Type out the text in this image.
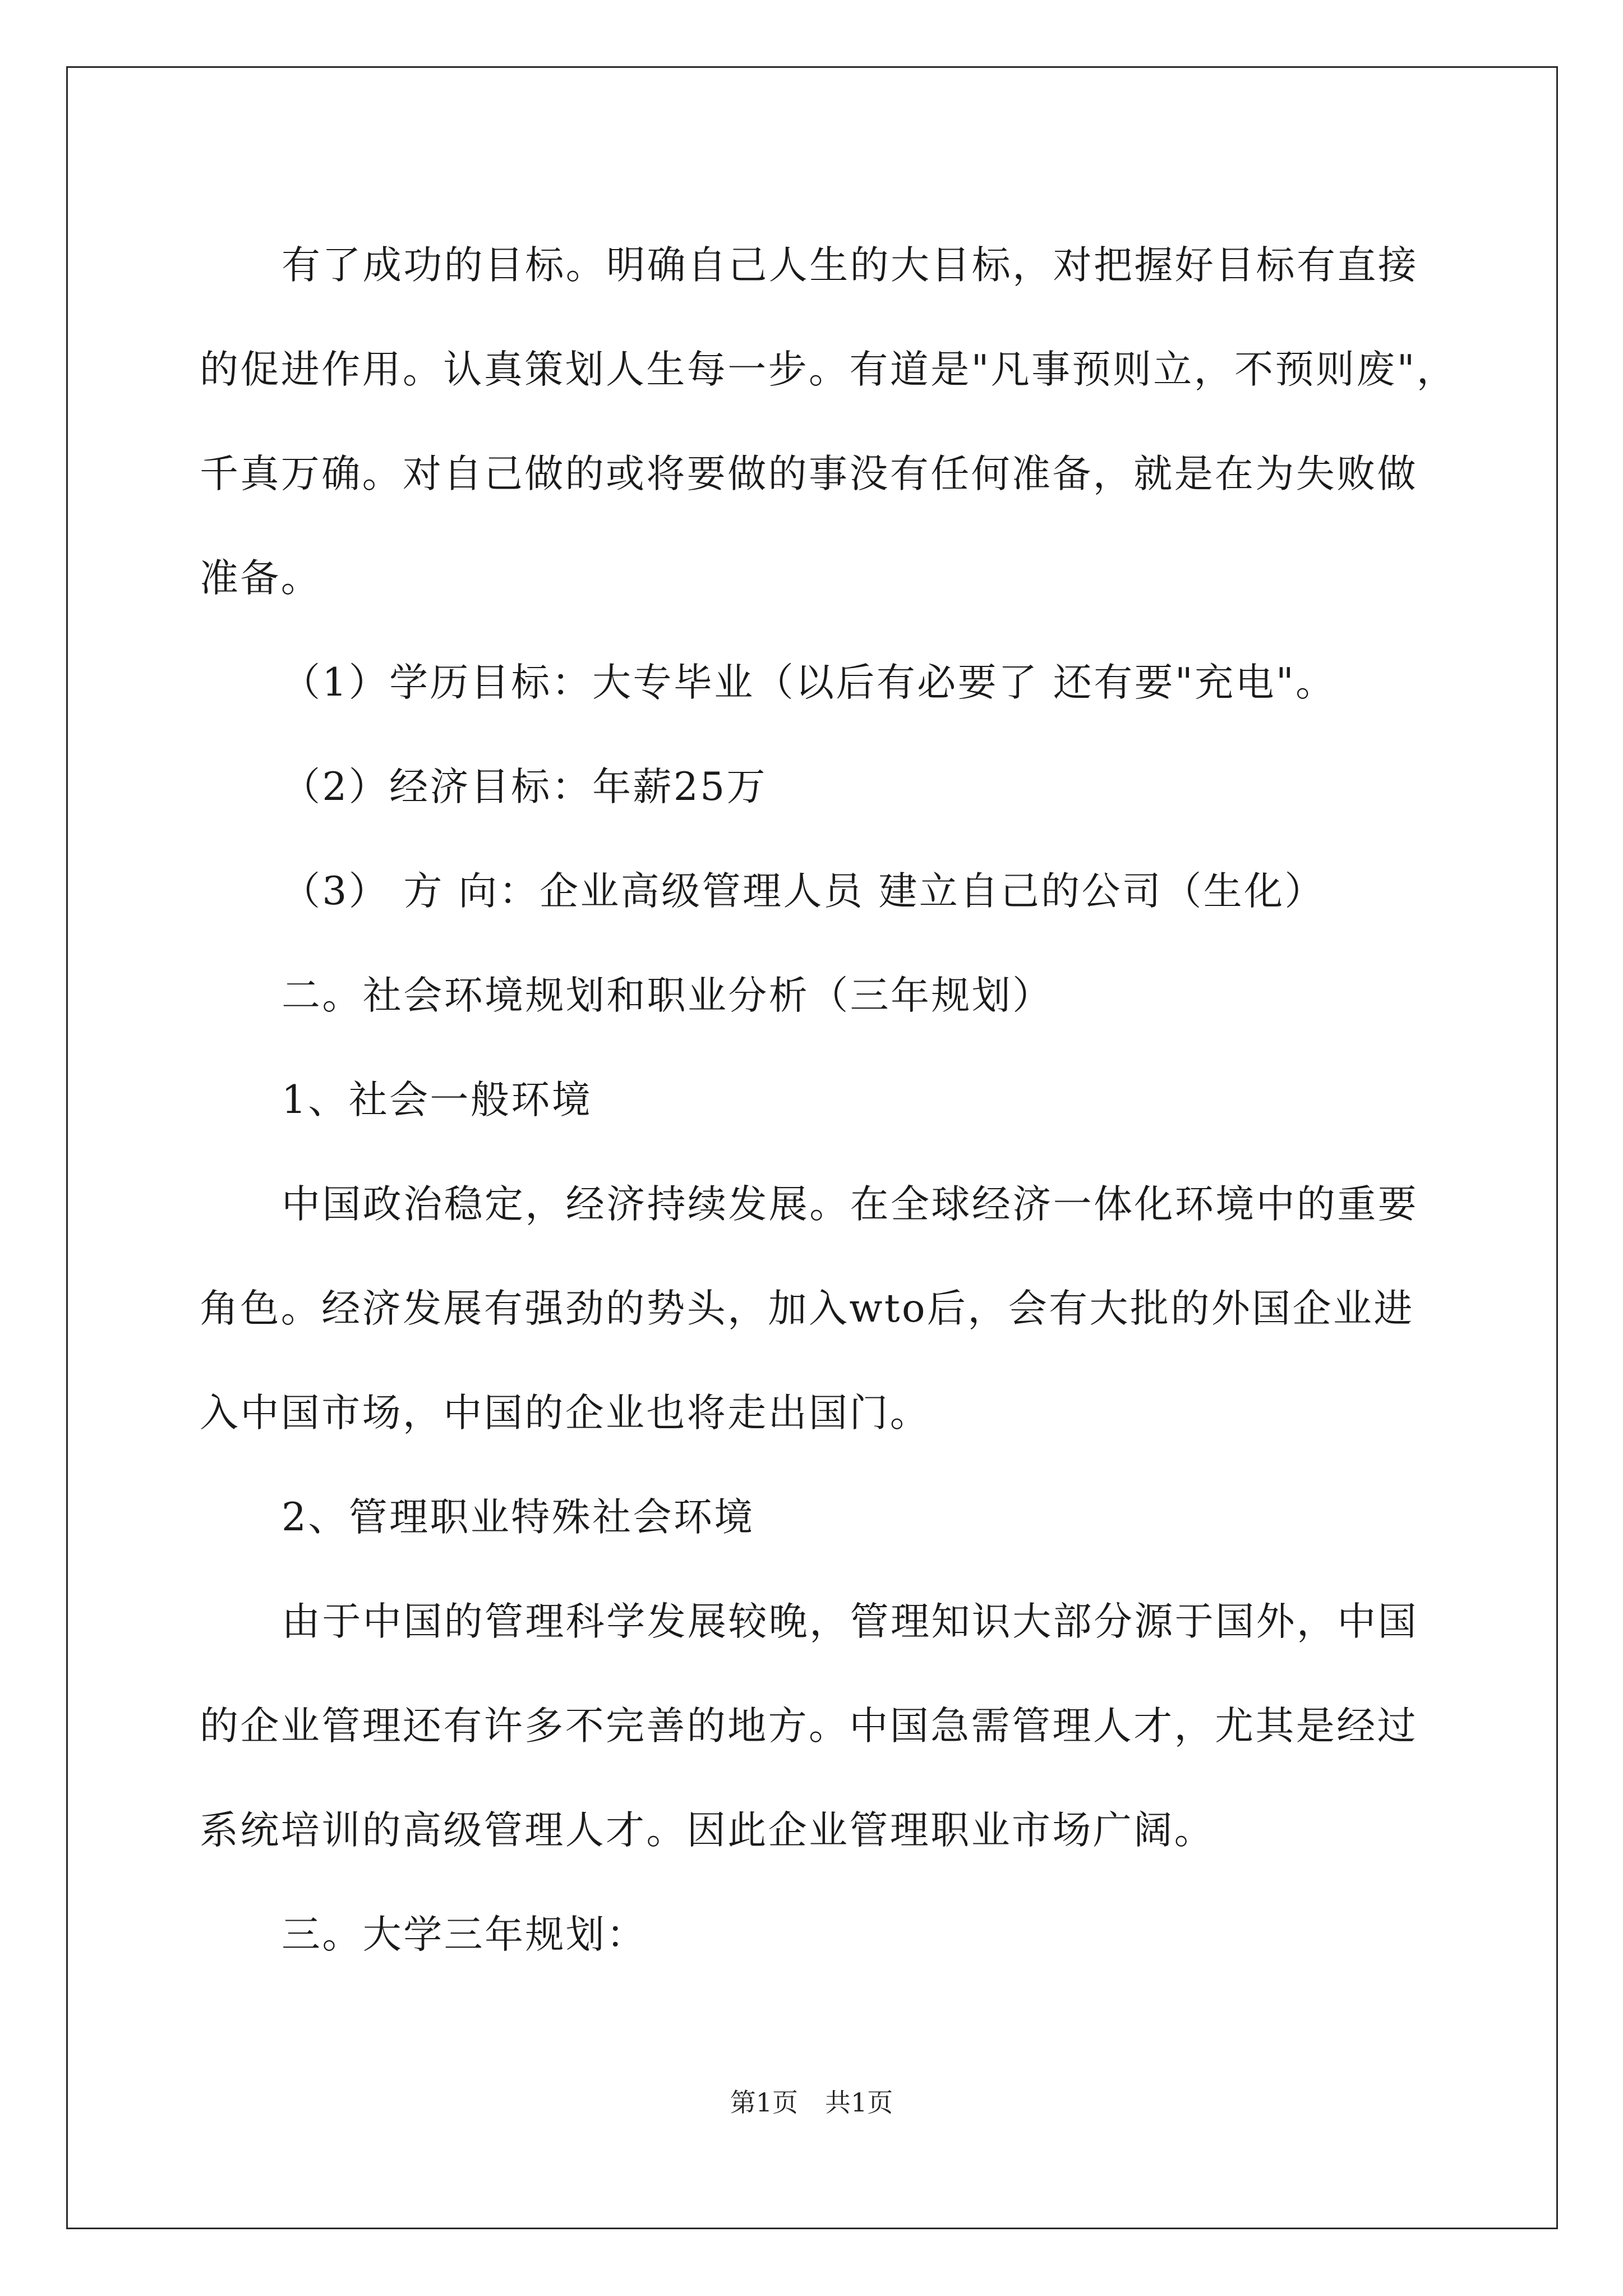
有了成功的目标。明确自己人生的大目标，对把握好目标有直接
的促进作用。认真策划人生每一步。有道是"凡事预则立，不预则废"，
千真万确。对自己做的或将要做的事没有任何准备，就是在为失败做
准备。
（1）学历目标：大专毕业（以后有必要了 还有要"充电"。
（2）经济目标：年薪25万
（3） 方 向：企业高级管理人员 建立自己的公司（生化）
二。社会环境规划和职业分析（三年规划）
1、社会一般环境
中国政治稳定，经济持续发展。在全球经济一体化环境中的重要
角色。经济发展有强劲的势头，加入wto后，会有大批的外国企业进
入中国市场，中国的企业也将走出国门。
2、管理职业特殊社会环境
由于中国的管理科学发展较晚，管理知识大部分源于国外，中国
的企业管理还有许多不完善的地方。中国急需管理人才，尤其是经过
系统培训的高级管理人才。因此企业管理职业市场广阔。
三。大学三年规划：
第1页 共1页
